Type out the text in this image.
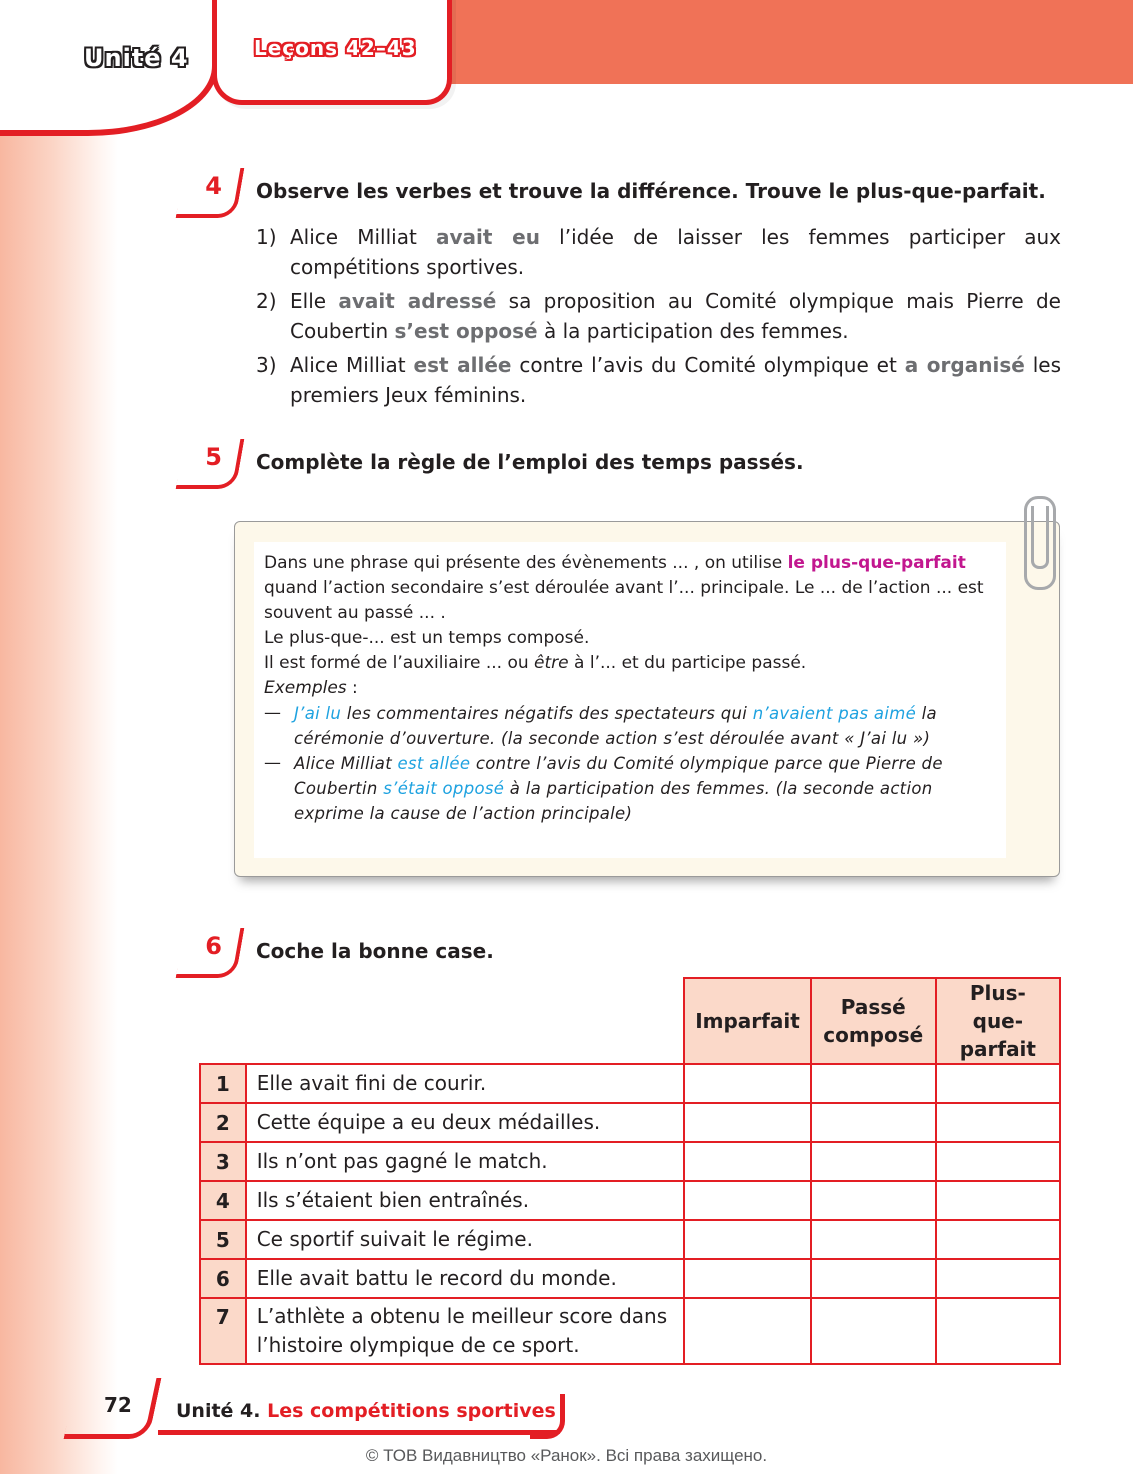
Unité 4	Leçons 42–43
4 Observe les verbes et trouve la différence. Trouve le plus-que-parfait.
1) Alice Milliat avait eu l’idée de laisser les femmes participer aux compétitions sportives.
2) Elle avait adressé sa proposition au Comité olympique mais Pierre de Coubertin s’est opposé à la participation des femmes.
3) Alice Milliat est allée contre l’avis du Comité olympique et a organisé les premiers Jeux féminins.
5 Complète la règle de l’emploi des temps passés.
Dans une phrase qui présente des évènements ... , on utilise le plus-que-parfait quand l’action secondaire s’est déroulée avant l’... principale. Le ... de l’action ... est souvent au passé ... .
Le plus-que-... est un temps composé.
Il est formé de l’auxiliaire ... ou être à l’... et du participe passé.
Exemples :
— J’ai lu les commentaires négatifs des spectateurs qui n’avaient pas aimé la cérémonie d’ouverture. (la seconde action s’est déroulée avant « J’ai lu »)
— Alice Milliat est allée contre l’avis du Comité olympique parce que Pierre de Coubertin s’était opposé à la participation des femmes. (la seconde action exprime la cause de l’action principale)
6 Coche la bonne case.
		Imparfait	Passé composé	Plus-que-parfait
1	Elle avait fini de courir.			
2	Cette équipe a eu deux médailles.			
3	Ils n’ont pas gagné le match.			
4	Ils s’étaient bien entraînés.			
5	Ce sportif suivait le régime.			
6	Elle avait battu le record du monde.			
7	L’athlète a obtenu le meilleur score dans l’histoire olympique de ce sport.			
72 Unité 4. Les compétitions sportives
© ТОВ Видавництво «Ранок». Всі права захищено.
